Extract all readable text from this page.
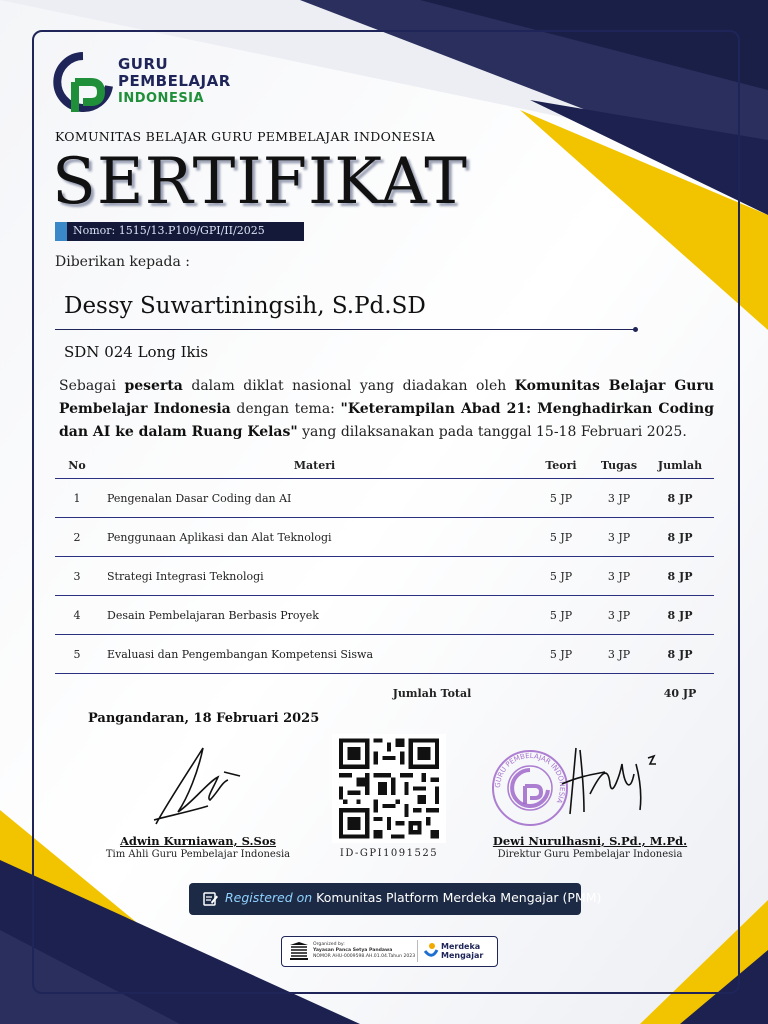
GURU
PEMBELAJAR
INDONESIA
KOMUNITAS BELAJAR GURU PEMBELAJAR INDONESIA
SERTIFIKAT
Nomor: 1515/13.P109/GPI/II/2025
Diberikan kepada :
Dessy Suwartiningsih, S.Pd.SD
SDN 024 Long Ikis
Sebagai peserta dalam diklat nasional yang diadakan oleh Komunitas Belajar Guru Pembelajar Indonesia dengan tema: "Keterampilan Abad 21: Menghadirkan Coding dan AI ke dalam Ruang Kelas" yang dilaksanakan pada tanggal 15-18 Februari 2025.
No	Materi	Teori	Tugas	Jumlah
1	Pengenalan Dasar Coding dan AI	5 JP	3 JP	8 JP
2	Penggunaan Aplikasi dan Alat Teknologi	5 JP	3 JP	8 JP
3	Strategi Integrasi Teknologi	5 JP	3 JP	8 JP
4	Desain Pembelajaran Berbasis Proyek	5 JP	3 JP	8 JP
5	Evaluasi dan Pengembangan Kompetensi Siswa	5 JP	3 JP	8 JP
	Jumlah Total			40 JP
Pangandaran, 18 Februari 2025
Adwin Kurniawan, S.Sos
Tim Ahli Guru Pembelajar Indonesia	ID-GPI1091525
GURU PEMBELAJAR INDONESIA
Dewi Nurulhasni, S.Pd., M.Pd.
Direktur Guru Pembelajar Indonesia
Registered on Komunitas Platform Merdeka Mengajar (PMM)
Organized by:
Yayasan Panca Setya Pandawa
NOMOR AHU-0009598.AH.01.04.Tahun 2023
Merdeka
Mengajar
